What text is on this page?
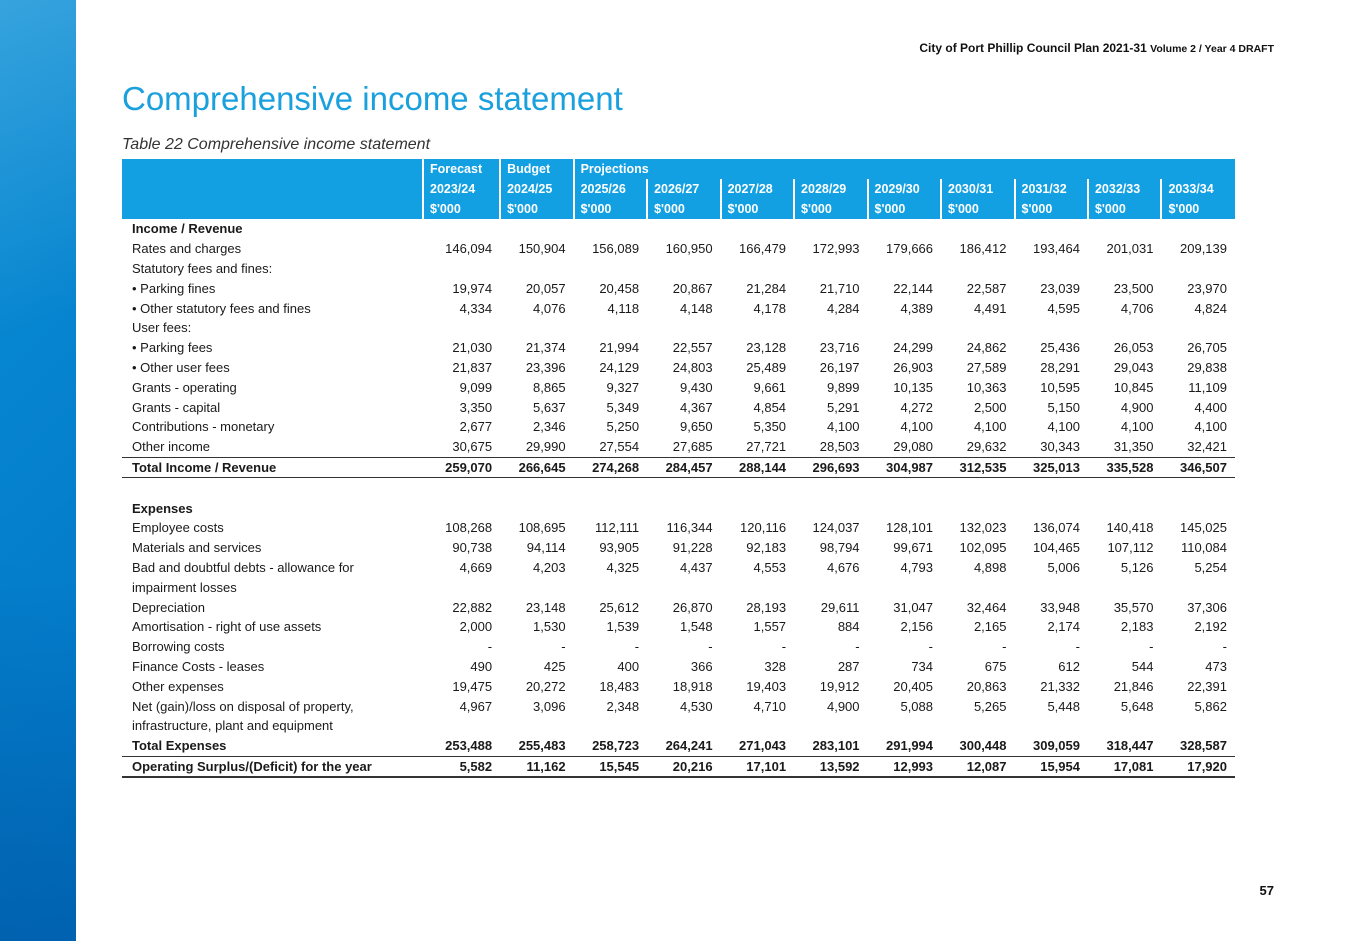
City of Port Phillip Council Plan 2021-31 Volume 2 / Year 4 DRAFT
Comprehensive income statement
Table 22 Comprehensive income statement
	Forecast	Budget	Projections								
	2023/24	2024/25	2025/26	2026/27	2027/28	2028/29	2029/30	2030/31	2031/32	2032/33	2033/34
	$'000	$'000	$'000	$'000	$'000	$'000	$'000	$'000	$'000	$'000	$'000
Income / Revenue											
Rates and charges	146,094	150,904	156,089	160,950	166,479	172,993	179,666	186,412	193,464	201,031	209,139
Statutory fees and fines:											
• Parking fines	19,974	20,057	20,458	20,867	21,284	21,710	22,144	22,587	23,039	23,500	23,970
• Other statutory fees and fines	4,334	4,076	4,118	4,148	4,178	4,284	4,389	4,491	4,595	4,706	4,824
User fees:											
• Parking fees	21,030	21,374	21,994	22,557	23,128	23,716	24,299	24,862	25,436	26,053	26,705
• Other user fees	21,837	23,396	24,129	24,803	25,489	26,197	26,903	27,589	28,291	29,043	29,838
Grants - operating	9,099	8,865	9,327	9,430	9,661	9,899	10,135	10,363	10,595	10,845	11,109
Grants - capital	3,350	5,637	5,349	4,367	4,854	5,291	4,272	2,500	5,150	4,900	4,400
Contributions - monetary	2,677	2,346	5,250	9,650	5,350	4,100	4,100	4,100	4,100	4,100	4,100
Other income	30,675	29,990	27,554	27,685	27,721	28,503	29,080	29,632	30,343	31,350	32,421
Total Income / Revenue	259,070	266,645	274,268	284,457	288,144	296,693	304,987	312,535	325,013	335,528	346,507

Expenses											
Employee costs	108,268	108,695	112,111	116,344	120,116	124,037	128,101	132,023	136,074	140,418	145,025
Materials and services	90,738	94,114	93,905	91,228	92,183	98,794	99,671	102,095	104,465	107,112	110,084
Bad and doubtful debts - allowance for	4,669	4,203	4,325	4,437	4,553	4,676	4,793	4,898	5,006	5,126	5,254
impairment losses											
Depreciation	22,882	23,148	25,612	26,870	28,193	29,611	31,047	32,464	33,948	35,570	37,306
Amortisation - right of use assets	2,000	1,530	1,539	1,548	1,557	884	2,156	2,165	2,174	2,183	2,192
Borrowing costs	-	-	-	-	-	-	-	-	-	-	-
Finance Costs - leases	490	425	400	366	328	287	734	675	612	544	473
Other expenses	19,475	20,272	18,483	18,918	19,403	19,912	20,405	20,863	21,332	21,846	22,391
Net (gain)/loss on disposal of property,	4,967	3,096	2,348	4,530	4,710	4,900	5,088	5,265	5,448	5,648	5,862
infrastructure, plant and equipment											
Total Expenses	253,488	255,483	258,723	264,241	271,043	283,101	291,994	300,448	309,059	318,447	328,587
Operating Surplus/(Deficit) for the year	5,582	11,162	15,545	20,216	17,101	13,592	12,993	12,087	15,954	17,081	17,920
57
